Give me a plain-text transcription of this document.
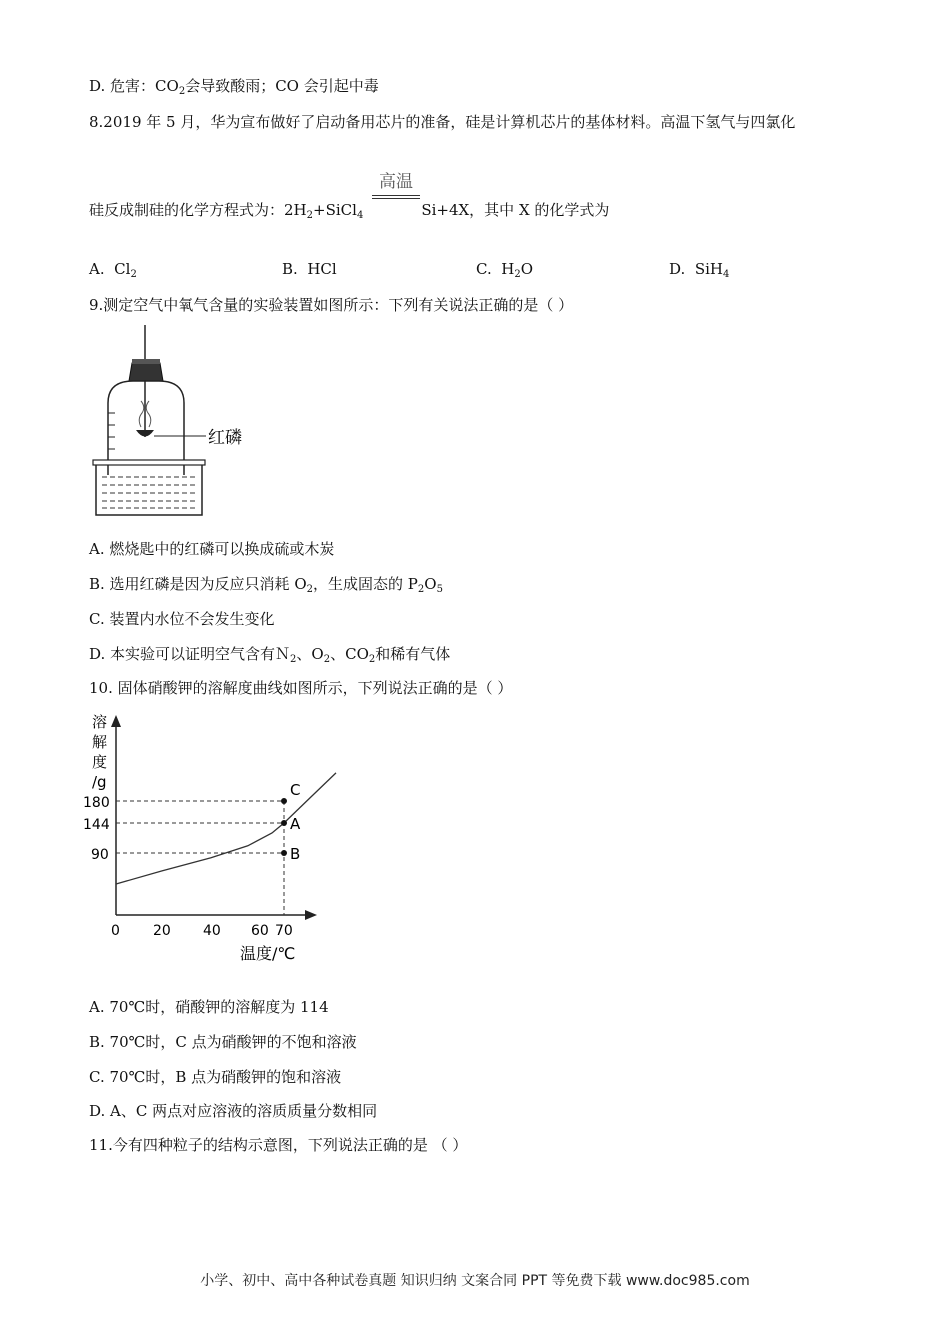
D. 危害：$CO_2$会导致酸雨；CO 会引起中毒
8.2019 年 5 月，华为宣布做好了启动备用芯片的准备，硅是计算机芯片的基体材料。高温下氢气与四氯化
硅反成制硅的化学方程式为：$2H_2+SiCl_4$	Si+4X，其中 X 的化学式为
高温
A. $Cl_2$	B. HCl	C. $H_2O$	D. SiH$_4$
9.测定空气中氧气含量的实验装置如图所示：下列有关说法正确的是（ ）
红磷
A. 燃烧匙中的红磷可以换成硫或木炭
B. 选用红磷是因为反应只消耗 $O_2$，生成固态的 $P_2O_5$
C. 装置内水位不会发生变化
D. 本实验可以证明空气含有Ｎ$_2$、$O_2$、$CO_2$和稀有气体
10. 固体硝酸钾的溶解度曲线如图所示，下列说法正确的是（ ）
溶
解
度
/g
0 20 40 60 70
180
144
90
温度/℃
C
A
B
A. 70℃时，硝酸钾的溶解度为 114
B. 70℃时，C 点为硝酸钾的不饱和溶液
C. 70℃时，B 点为硝酸钾的饱和溶液
D. A、C 两点对应溶液的溶质质量分数相同
11.今有四种粒子的结构示意图，下列说法正确的是 （ ）
小学、初中、高中各种试卷真题 知识归纳 文案合同 PPT 等免费下载 www.doc985.com
